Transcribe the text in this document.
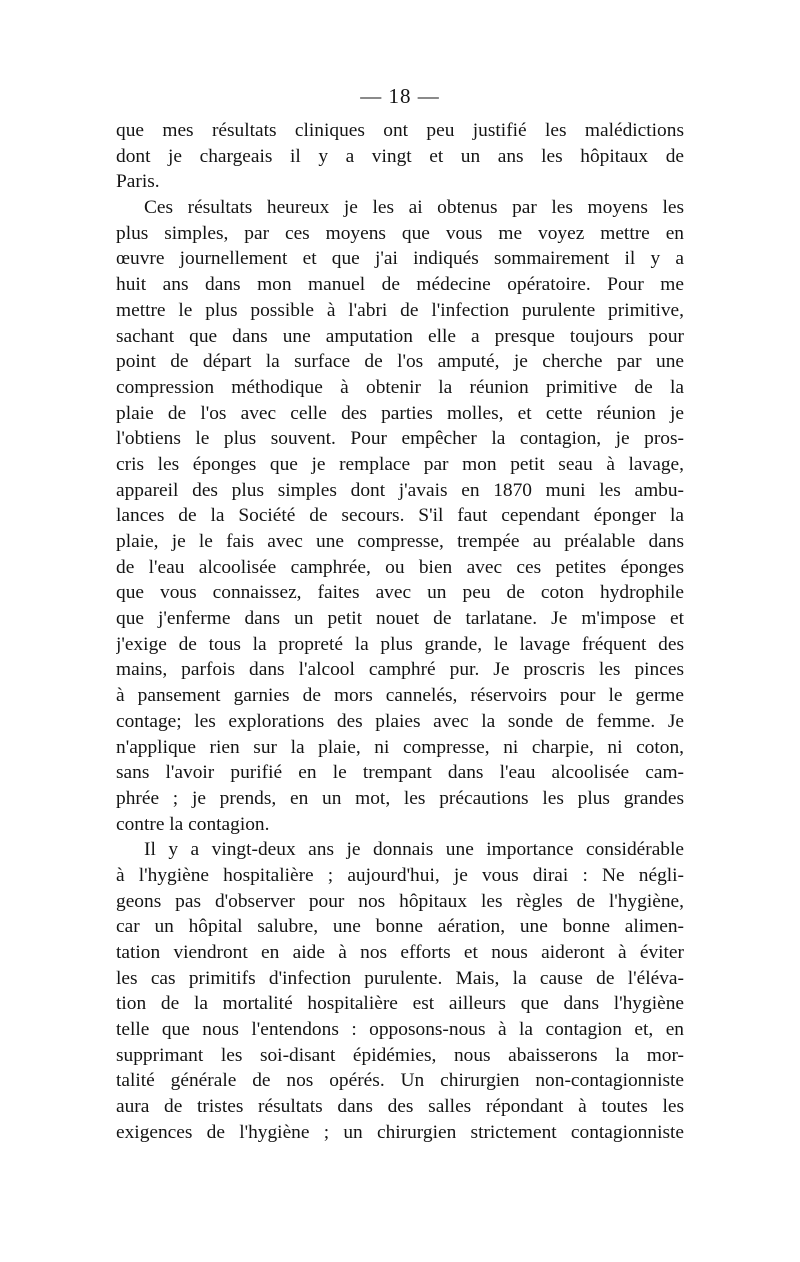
— 18 —

que mes résultats cliniques ont peu justifié les malédictions
dont je chargeais il y a vingt et un ans les hôpitaux de
Paris.
Ces résultats heureux je les ai obtenus par les moyens les
plus simples, par ces moyens que vous me voyez mettre en
œuvre journellement et que j'ai indiqués sommairement il y a
huit ans dans mon manuel de médecine opératoire. Pour me
mettre le plus possible à l'abri de l'infection purulente primitive,
sachant que dans une amputation elle a presque toujours pour
point de départ la surface de l'os amputé, je cherche par une
compression méthodique à obtenir la réunion primitive de la
plaie de l'os avec celle des parties molles, et cette réunion je
l'obtiens le plus souvent. Pour empêcher la contagion, je pros-
cris les éponges que je remplace par mon petit seau à lavage,
appareil des plus simples dont j'avais en 1870 muni les ambu-
lances de la Société de secours. S'il faut cependant éponger la
plaie, je le fais avec une compresse, trempée au préalable dans
de l'eau alcoolisée camphrée, ou bien avec ces petites éponges
que vous connaissez, faites avec un peu de coton hydrophile
que j'enferme dans un petit nouet de tarlatane. Je m'impose et
j'exige de tous la propreté la plus grande, le lavage fréquent des
mains, parfois dans l'alcool camphré pur. Je proscris les pinces
à pansement garnies de mors cannelés, réservoirs pour le germe
contage; les explorations des plaies avec la sonde de femme. Je
n'applique rien sur la plaie, ni compresse, ni charpie, ni coton,
sans l'avoir purifié en le trempant dans l'eau alcoolisée cam-
phrée ; je prends, en un mot, les précautions les plus grandes
contre la contagion.
Il y a vingt-deux ans je donnais une importance considérable
à l'hygiène hospitalière ; aujourd'hui, je vous dirai : Ne négli-
geons pas d'observer pour nos hôpitaux les règles de l'hygiène,
car un hôpital salubre, une bonne aération, une bonne alimen-
tation viendront en aide à nos efforts et nous aideront à éviter
les cas primitifs d'infection purulente. Mais, la cause de l'éléva-
tion de la mortalité hospitalière est ailleurs que dans l'hygiène
telle que nous l'entendons : opposons-nous à la contagion et, en
supprimant les soi-disant épidémies, nous abaisserons la mor-
talité générale de nos opérés. Un chirurgien non-contagionniste
aura de tristes résultats dans des salles répondant à toutes les
exigences de l'hygiène ; un chirurgien strictement contagionniste
